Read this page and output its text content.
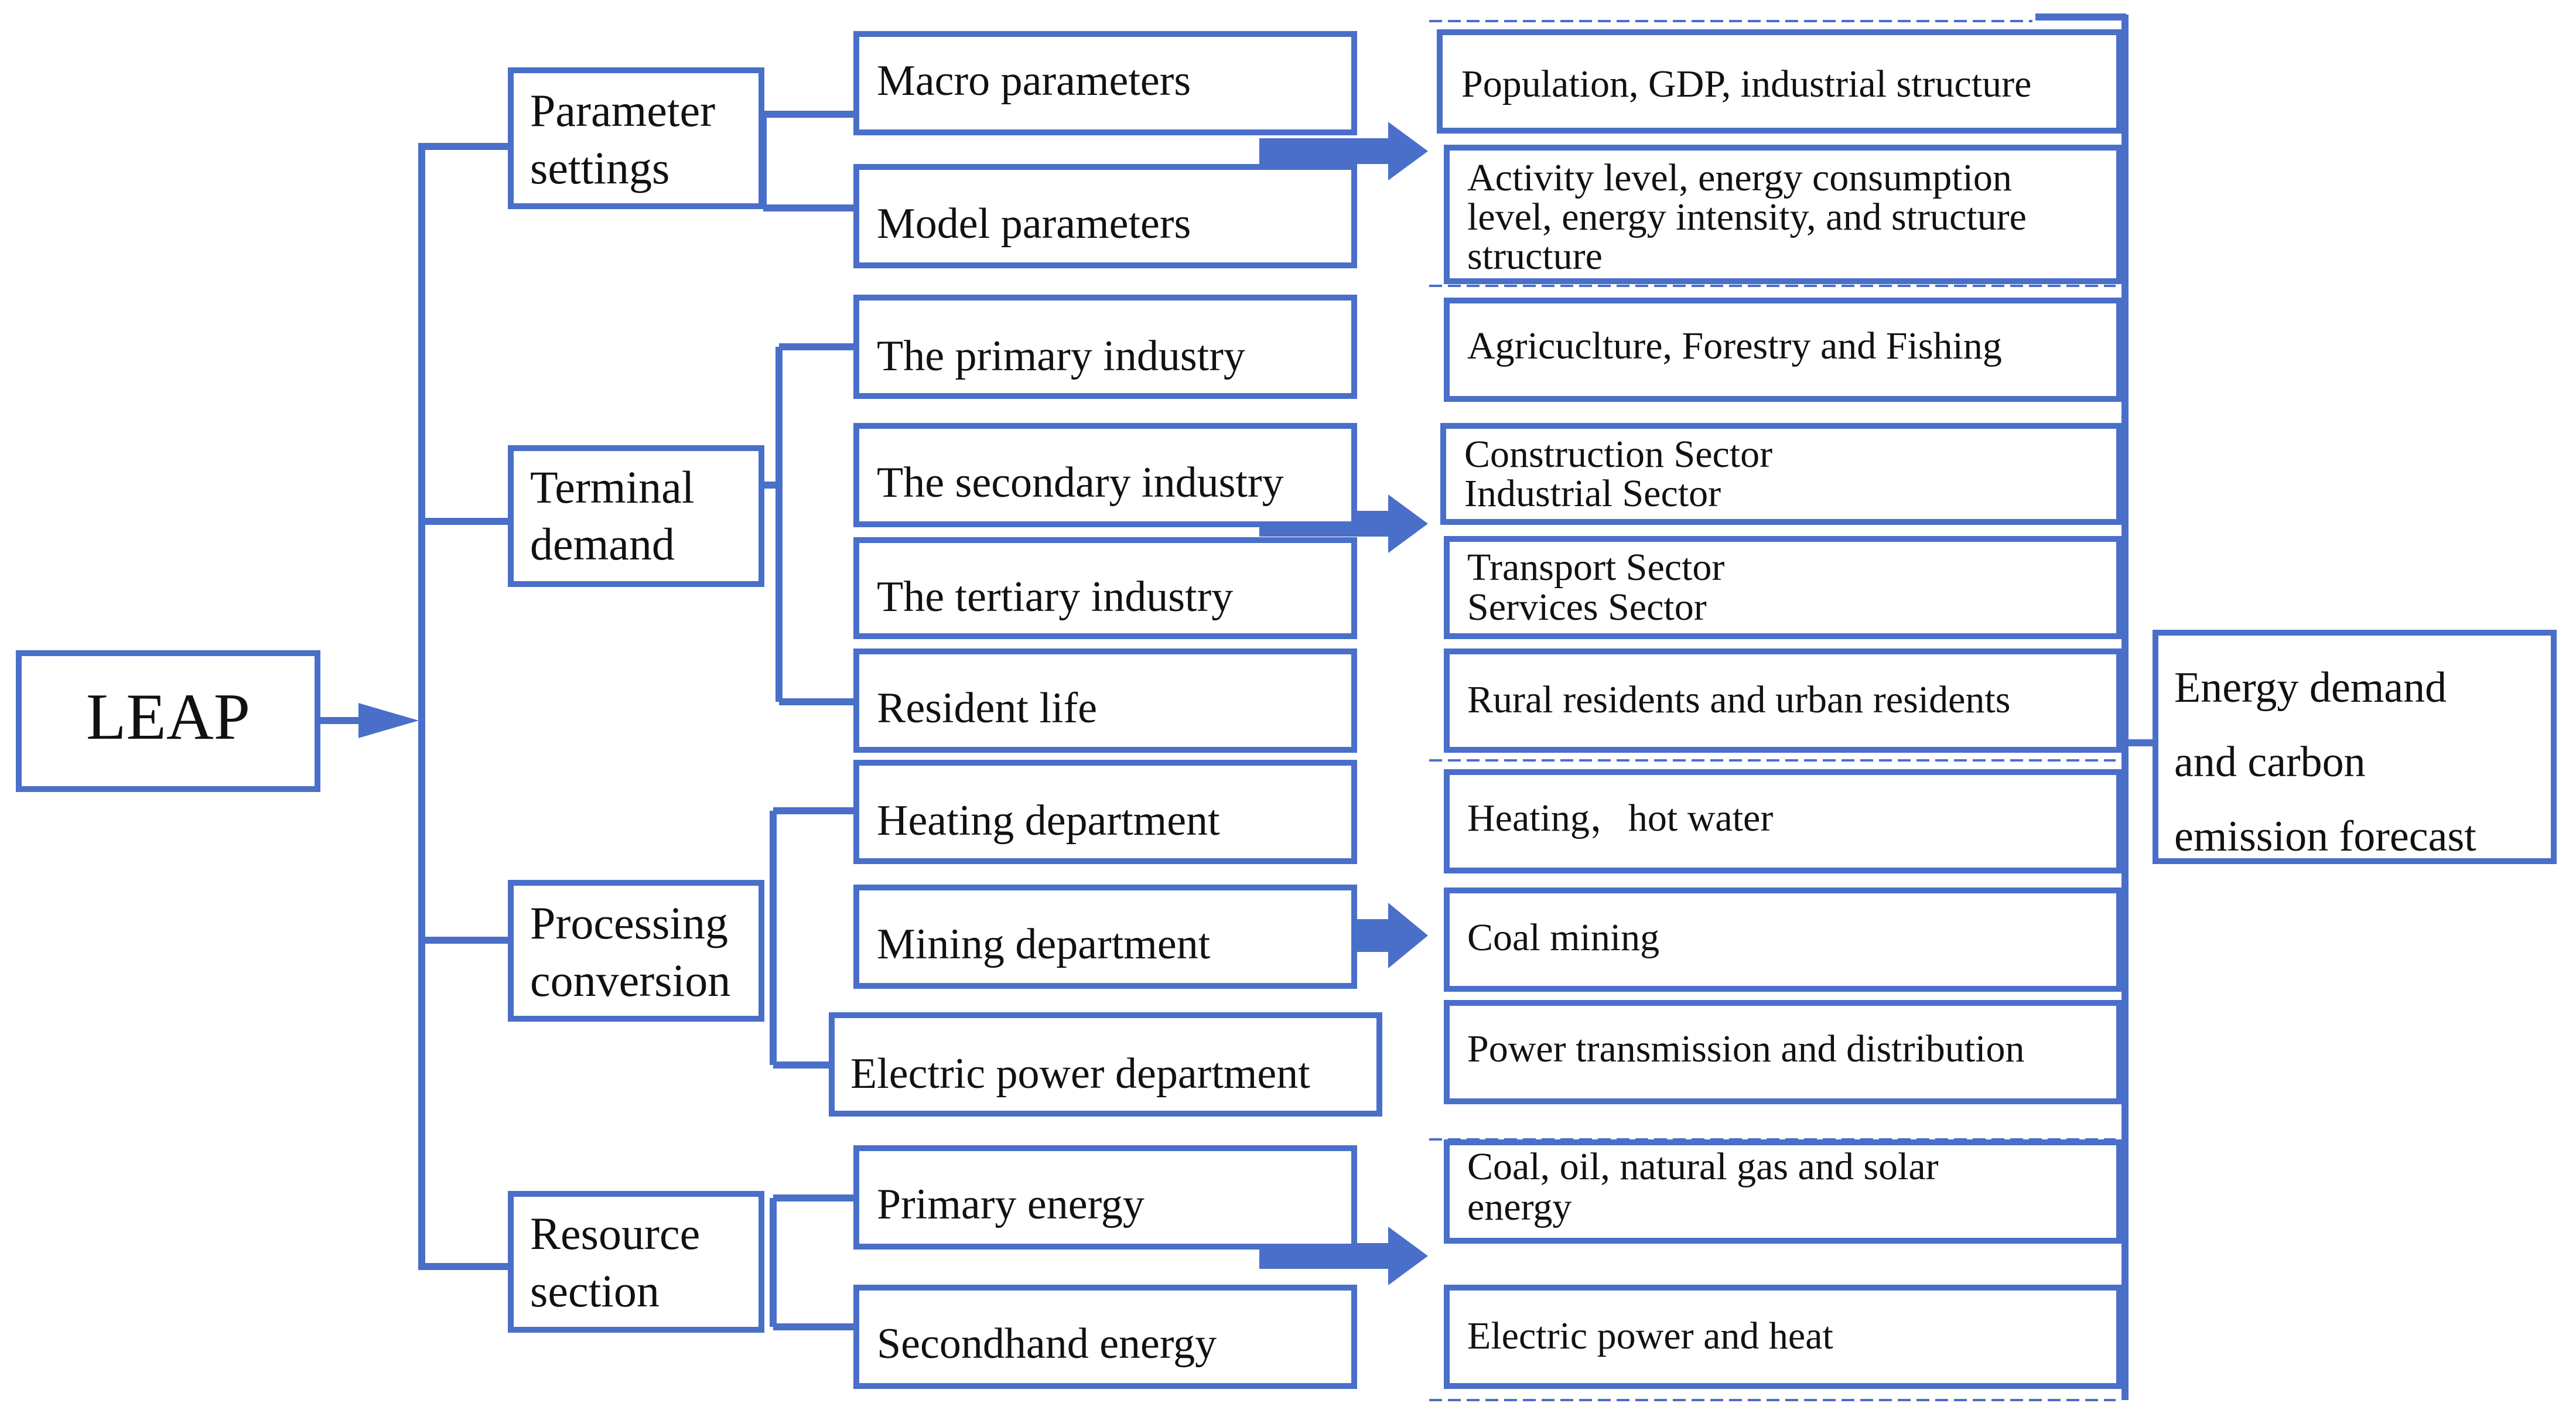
LEAP
Parameter
settings
Terminal
demand
Processing
conversion
Resource
section
Macro parameters
Model parameters
The primary industry
The secondary industry
The tertiary industry
Resident life
Heating department
Mining department
Electric power department
Primary energy
Secondhand energy
Population, GDP, industrial structure
Activity level, energy consumption
level, energy intensity, and structure
structure
Agricuclture, Forestry and Fishing
Construction Sector
Industrial Sector
Transport Sector
Services Sector
Rural residents and urban residents
Heating，hot water
Coal mining
Power transmission and distribution
Coal, oil, natural gas and solar
energy
Electric power and heat
Energy demand
and carbon
emission forecast
